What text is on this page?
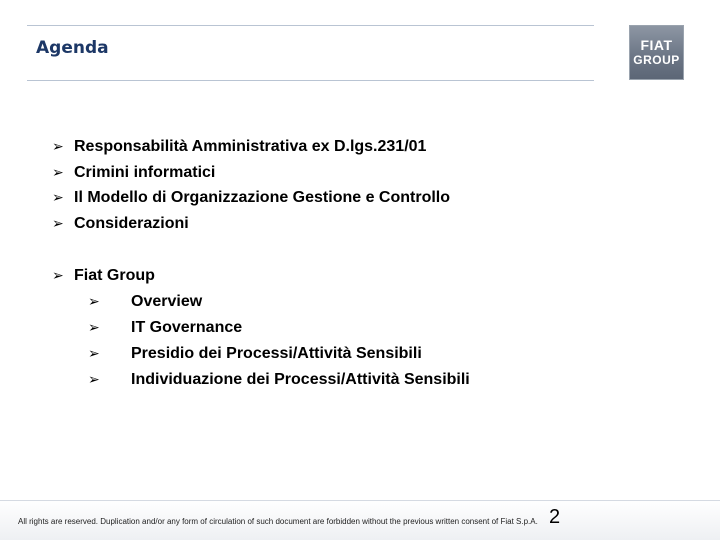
Agenda	FIAT
GROUP
➢ Responsabilità Amministrativa ex D.lgs.231/01
➢ Crimini informatici
➢ Il Modello di Organizzazione Gestione e Controllo
➢ Considerazioni
➢ Fiat Group
➢ Overview
➢ IT Governance
➢ Presidio dei Processi/Attività Sensibili
➢ Individuazione dei Processi/Attività Sensibili
All rights are reserved. Duplication and/or any form of circulation of such document are forbidden without the previous written consent of Fiat S.p.A. 2
